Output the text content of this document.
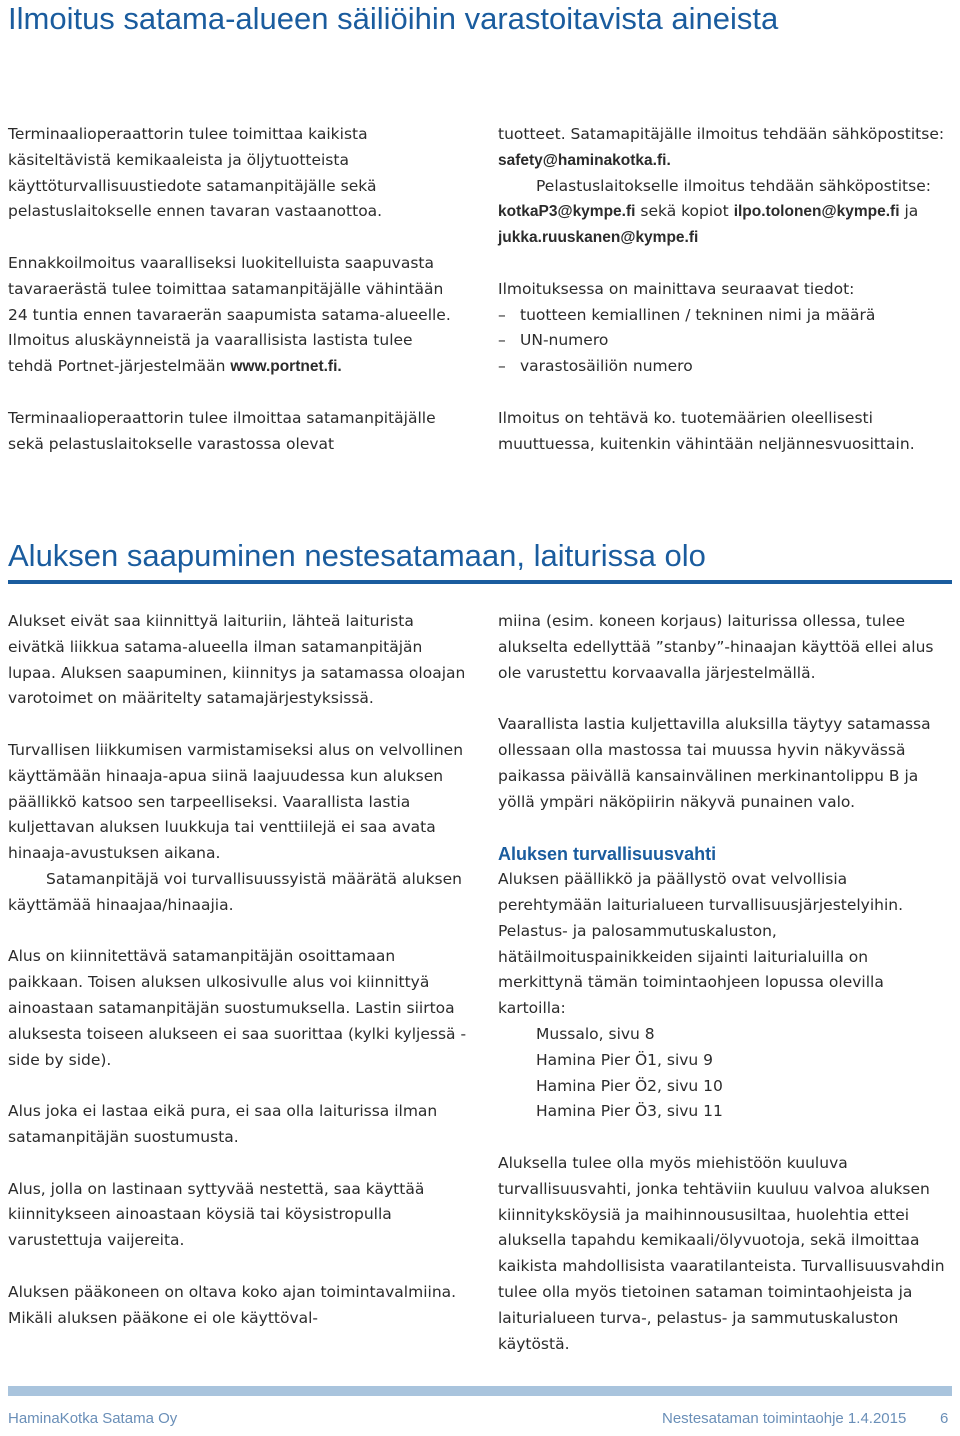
Ilmoitus satama-alueen säiliöihin varastoitavista aineista

Terminaalioperaattorin tulee toimittaa kaikista käsiteltävistä kemikaaleista ja öljytuotteista käyttöturvallisuustiedote satamanpitäjälle sekä pelastuslaitokselle ennen tavaran vastaanottoa.

Ennakkoilmoitus vaaralliseksi luokitelluista saapuvasta tavaraerästä tulee toimittaa satamanpitäjälle vähintään 24 tuntia ennen tavaraerän saapumista satama-alueelle. Ilmoitus aluskäynneistä ja vaarallisista lastista tulee tehdä Portnet-järjestelmään www.portnet.fi.

Terminaalioperaattorin tulee ilmoittaa satamanpitäjälle sekä pelastuslaitokselle varastossa olevat

tuotteet. Satamapitäjälle ilmoitus tehdään sähköpostitse: safety@haminakotka.fi.

Pelastuslaitokselle ilmoitus tehdään sähköpostitse: kotkaP3@kympe.fi sekä kopiot ilpo.tolonen@kympe.fi ja jukka.ruuskanen@kympe.fi

Ilmoituksessa on mainittava seuraavat tiedot:

– tuotteen kemiallinen / tekninen nimi ja määrä
– UN-numero
– varastosäiliön numero

Ilmoitus on tehtävä ko. tuotemäärien oleellisesti muuttuessa, kuitenkin vähintään neljännesvuosittain.

Aluksen saapuminen nestesatamaan, laiturissa olo

Alukset eivät saa kiinnittyä laituriin, lähteä laiturista eivätkä liikkua satama-alueella ilman satamanpitäjän lupaa. Aluksen saapuminen, kiinnitys ja satamassa oloajan varotoimet on määritelty satamajärjestyksissä.

Turvallisen liikkumisen varmistamiseksi alus on velvollinen käyttämään hinaaja-apua siinä laajuudessa kun aluksen päällikkö katsoo sen tarpeelliseksi. Vaarallista lastia kuljettavan aluksen luukkuja tai venttiilejä ei saa avata hinaaja-avustuksen aikana.

Satamanpitäjä voi turvallisuussyistä määrätä aluksen käyttämää hinaajaa/hinaajia.

Alus on kiinnitettävä satamanpitäjän osoittamaan paikkaan. Toisen aluksen ulkosivulle alus voi kiinnittyä ainoastaan satamanpitäjän suostumuksella. Lastin siirtoa aluksesta toiseen alukseen ei saa suorittaa (kylki kyljessä - side by side).

Alus joka ei lastaa eikä pura, ei saa olla laiturissa ilman satamanpitäjän suostumusta.

Alus, jolla on lastinaan syttyvää nestettä, saa käyttää kiinnitykseen ainoastaan köysiä tai köysistropulla varustettuja vaijereita.

Aluksen pääkoneen on oltava koko ajan toimintavalmiina. Mikäli aluksen pääkone ei ole käyttöval-

miina (esim. koneen korjaus) laiturissa ollessa, tulee alukselta edellyttää ”stanby”-hinaajan käyttöä ellei alus ole varustettu korvaavalla järjestelmällä.

Vaarallista lastia kuljettavilla aluksilla täytyy satamassa ollessaan olla mastossa tai muussa hyvin näkyvässä paikassa päivällä kansainvälinen merkinantolippu B ja yöllä ympäri näköpiirin näkyvä punainen valo.

Aluksen turvallisuusvahti

Aluksen päällikkö ja päällystö ovat velvollisia perehtymään laiturialueen turvallisuusjärjestelyihin.

Pelastus- ja palosammutuskaluston, hätäilmoituspainikkeiden sijainti laiturialuilla on merkittynä tämän toimintaohjeen lopussa olevilla kartoilla:

Mussalo, sivu 8

Hamina Pier Ö1, sivu 9

Hamina Pier Ö2, sivu 10

Hamina Pier Ö3, sivu 11

Aluksella tulee olla myös miehistöön kuuluva turvallisuusvahti, jonka tehtäviin kuuluu valvoa aluksen kiinnityksköysiä ja maihinnoususiltaa, huolehtia ettei aluksella tapahdu kemikaali/ölyvuotoja, sekä ilmoittaa kaikista mahdollisista vaaratilanteista. Turvallisuusvahdin tulee olla myös tietoinen sataman toimintaohjeista ja laiturialueen turva-, pelastus- ja sammutuskaluston käytöstä.

HaminaKotka Satama Oy	Nestesataman toimintaohje 1.4.2015 6
